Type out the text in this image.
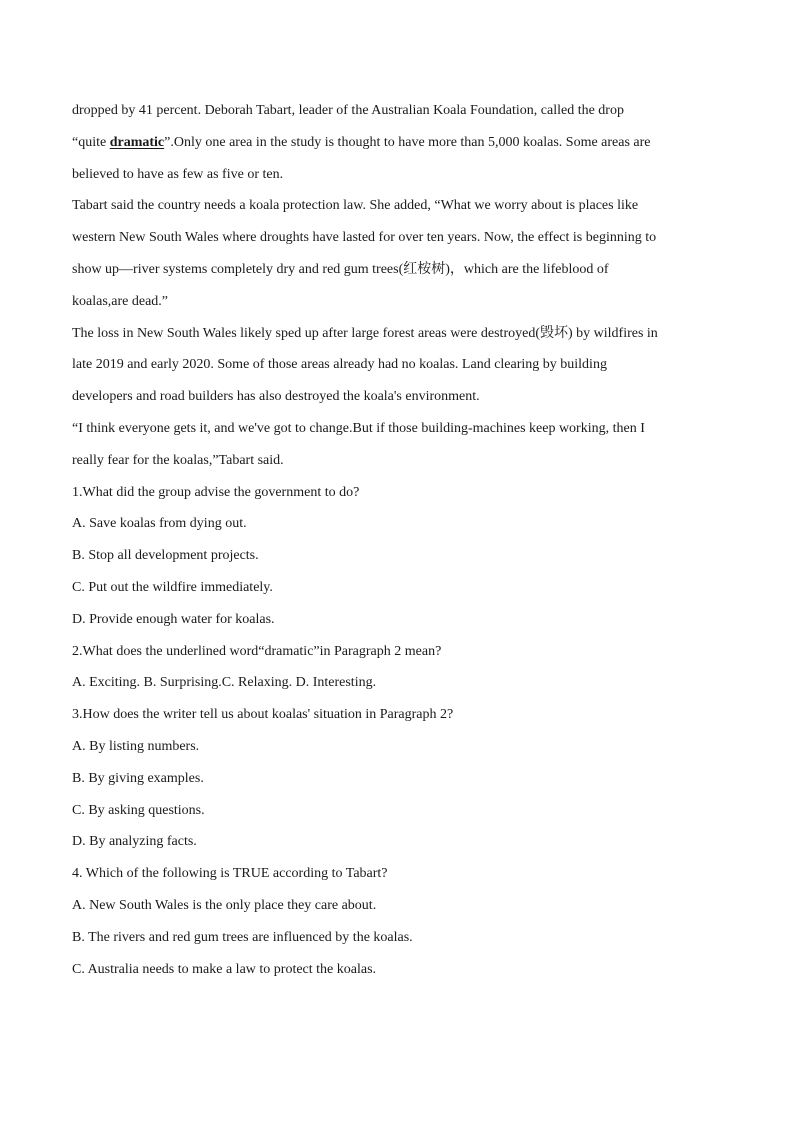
dropped by 41 percent. Deborah Tabart, leader of the Australian Koala Foundation, called the drop
“quite dramatic”.Only one area in the study is thought to have more than 5,000 koalas. Some areas are
believed to have as few as five or ten.
Tabart said the country needs a koala protection law. She added, “What we worry about is places like
western New South Wales where droughts have lasted for over ten years. Now, the effect is beginning to
show up—river systems completely dry and red gum trees(红桉树)，which are the lifeblood of
koalas,are dead.”
The loss in New South Wales likely sped up after large forest areas were destroyed(毁坏) by wildfires in
late 2019 and early 2020. Some of those areas already had no koalas. Land clearing by building
developers and road builders has also destroyed the koala's environment.
“I think everyone gets it, and we've got to change.But if those building-machines keep working, then I
really fear for the koalas,”Tabart said.
1.What did the group advise the government to do?
A. Save koalas from dying out.
B. Stop all development projects.
C. Put out the wildfire immediately.
D. Provide enough water for koalas.
2.What does the underlined word“dramatic”in Paragraph 2 mean?
A. Exciting. B. Surprising.C. Relaxing. D. Interesting.
3.How does the writer tell us about koalas' situation in Paragraph 2?
A. By listing numbers.
B. By giving examples.
C. By asking questions.
D. By analyzing facts.
4. Which of the following is TRUE according to Tabart?
A. New South Wales is the only place they care about.
B. The rivers and red gum trees are influenced by the koalas.
C. Australia needs to make a law to protect the koalas.
